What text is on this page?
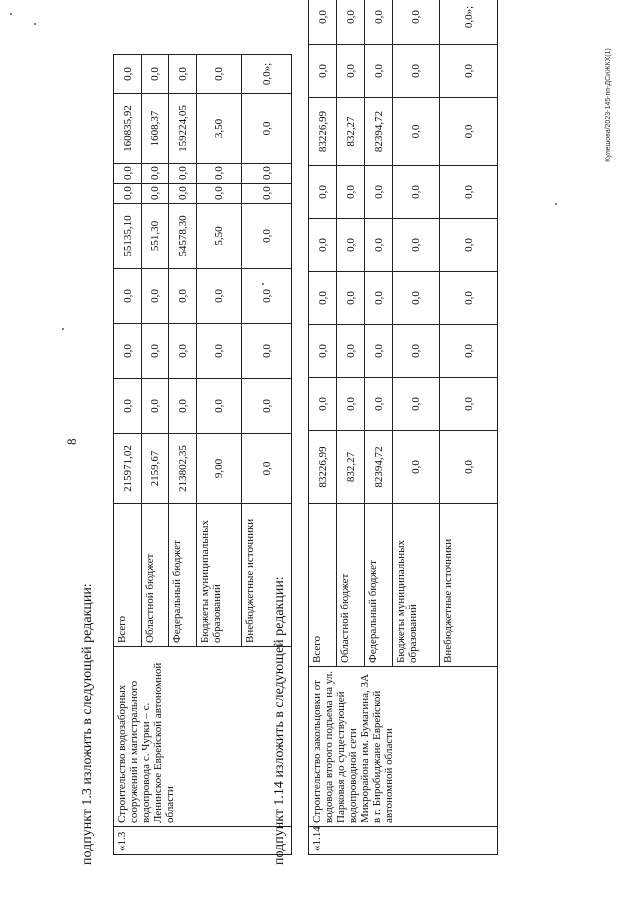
8
Кулешова/2023-145-пп-ДСиЖКХ(1)
подпункт 1.3 изложить в следующей редакции: «1.3	Строительство водозаборных сооружений и магистрального водопровода с. Чурки – с. Ленинское Еврейской автономной области	Всего	215971,02	0,0	0,0	0,0	55135,10	0,0	0,0	160835,92	0,0
		Областной бюджет	2159,67	0,0	0,0	0,0	551,30	0,0	0,0	1608,37	0,0
		Федеральный бюджет	213802,35	0,0	0,0	0,0	54578,30	0,0	0,0	159224,05	0,0
		Бюджеты муниципальных образований	9,00	0,0	0,0	0,0	5,50	0,0	0,0	3,50	0,0
		Внебюджетные источники	0,0	0,0	0,0	0,0	0,0	0,0	0,0	0,0	0,0»;
подпункт 1.14 изложить в следующей редакции: «1.14	Строительство закольцовки от водовода второго подъема на ул. Парковая до существующей водопроводной сети Микрорайона им. Бумагина, 3А в г. Биробиджане Еврейской автономной области	Всего	83226,99	0,0	0,0	0,0	0,0	0,0	83226,99	0,0	0,0
		Областной бюджет	832,27	0,0	0,0	0,0	0,0	0,0	832,27	0,0	0,0
		Федеральный бюджет	82394,72	0,0	0,0	0,0	0,0	0,0	82394,72	0,0	0,0
		Бюджеты муниципальных образований	0,0	0,0	0,0	0,0	0,0	0,0	0,0	0,0	0,0
		Внебюджетные источники	0,0	0,0	0,0	0,0	0,0	0,0	0,0	0,0	0,0»;
